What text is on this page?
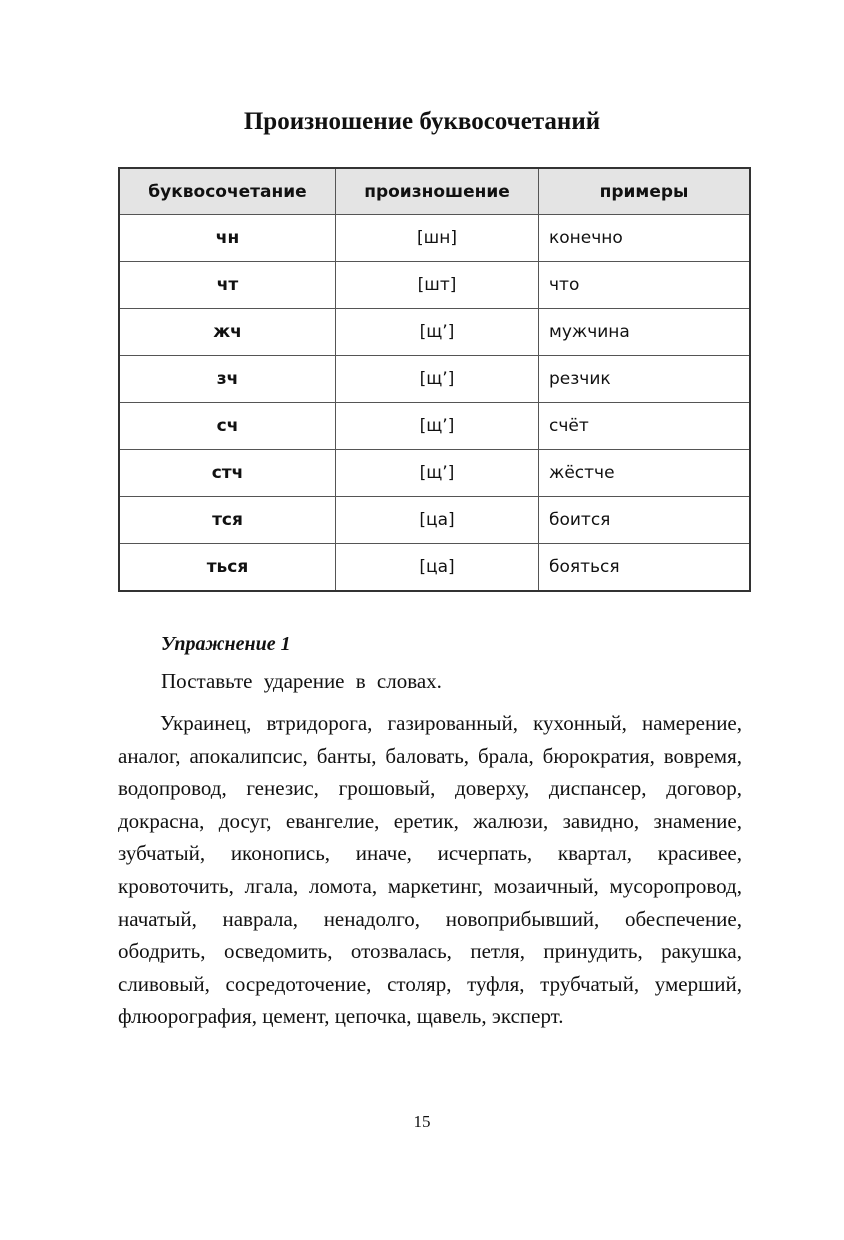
Произношение буквосочетаний
буквосочетание	произношение	примеры
чн	[шн]	конечно
чт	[шт]	что
жч	[щ’]	мужчина
зч	[щ’]	резчик
сч	[щ’]	счёт
стч	[щ’]	жёстче
тся	[ца]	боится
ться	[ца]	бояться

Упражнение 1

Поставьте ударение в словах.

Украинец, втридорога, газированный, кухонный, намерение, аналог, апокалипсис, банты, баловать, брала, бюрократия, вовремя, водопровод, генезис, грошовый, доверху, диспансер, договор, докрасна, досуг, евангелие, еретик, жалюзи, завидно, знамение, зубчатый, иконопись, иначе, исчерпать, квартал, красивее, кровоточить, лгала, ломота, маркетинг, мозаичный, мусоропровод, начатый, наврала, ненадолго, новоприбывший, обеспечение, ободрить, осведомить, отозвалась, петля, принудить, ракушка, сливовый, сосредоточение, столяр, туфля, трубчатый, умерший, флюорография, цемент, цепочка, щавель, эксперт.

15
